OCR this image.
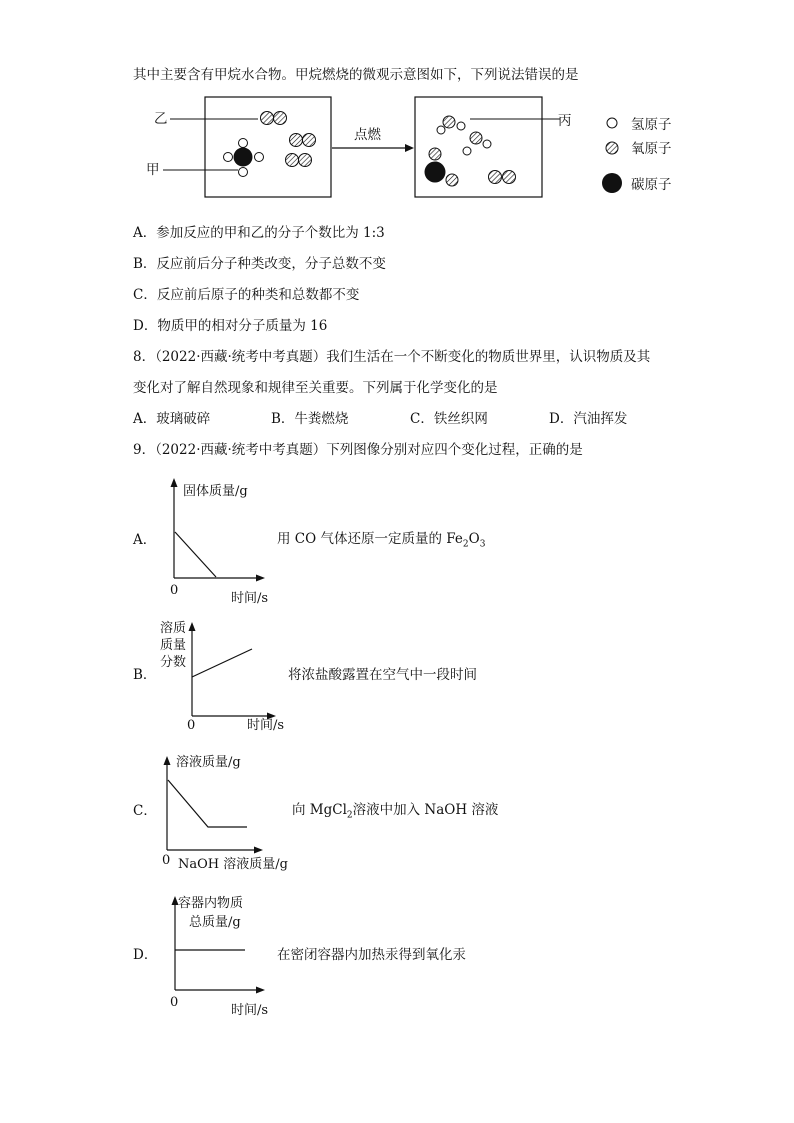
其中主要含有甲烷水合物。甲烷燃烧的微观示意图如下，下列说法错误的是
乙
甲
丙
点燃
氢原子
氧原子
碳原子
A．参加反应的甲和乙的分子个数比为 1:3
B．反应前后分子种类改变，分子总数不变
C．反应前后原子的种类和总数都不变
D．物质甲的相对分子质量为 16
8．（2022·西藏·统考中考真题）我们生活在一个不断变化的物质世界里，认识物质及其
变化对了解自然现象和规律至关重要。下列属于化学变化的是
A．玻璃破碎	B．牛粪燃烧	C．铁丝织网	D．汽油挥发
9．（2022·西藏·统考中考真题）下列图像分别对应四个变化过程，正确的是
A．
固体质量/g
0
时间/s
用 CO 气体还原一定质量的 $Fe_2O_3$
B．
溶质
质量
分数
0	时间/s
将浓盐酸露置在空气中一段时间
C．
溶液质量/g
0 NaOH 溶液质量/g
向 MgCl$_2$溶液中加入 NaOH 溶液
D．
容器内物质
总质量/g
0
时间/s
在密闭容器内加热汞得到氧化汞
